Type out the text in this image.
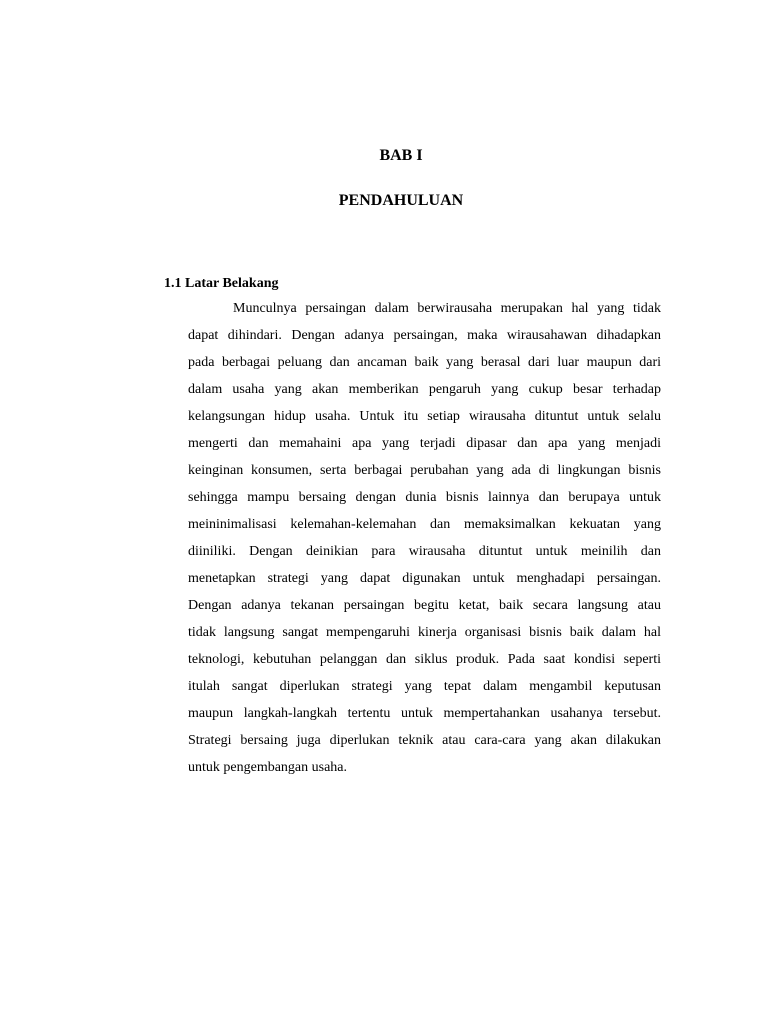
BAB I
PENDAHULUAN
1.1 Latar Belakang
Munculnya persaingan dalam berwirausaha merupakan hal yang tidak
dapat dihindari. Dengan adanya persaingan, maka wirausahawan dihadapkan
pada berbagai peluang dan ancaman baik yang berasal dari luar maupun dari
dalam usaha yang akan memberikan pengaruh yang cukup besar terhadap
kelangsungan hidup usaha. Untuk itu setiap wirausaha dituntut untuk selalu
mengerti dan memahaini apa yang terjadi dipasar dan apa yang menjadi
keinginan konsumen, serta berbagai perubahan yang ada di lingkungan bisnis
sehingga mampu bersaing dengan dunia bisnis lainnya dan berupaya untuk
meininimalisasi kelemahan-kelemahan dan memaksimalkan kekuatan yang
diiniliki. Dengan deinikian para wirausaha dituntut untuk meinilih dan
menetapkan strategi yang dapat digunakan untuk menghadapi persaingan.
Dengan adanya tekanan persaingan begitu ketat, baik secara langsung atau
tidak langsung sangat mempengaruhi kinerja organisasi bisnis baik dalam hal
teknologi, kebutuhan pelanggan dan siklus produk. Pada saat kondisi seperti
itulah sangat diperlukan strategi yang tepat dalam mengambil keputusan
maupun langkah-langkah tertentu untuk mempertahankan usahanya tersebut.
Strategi bersaing juga diperlukan teknik atau cara-cara yang akan dilakukan
untuk pengembangan usaha.
